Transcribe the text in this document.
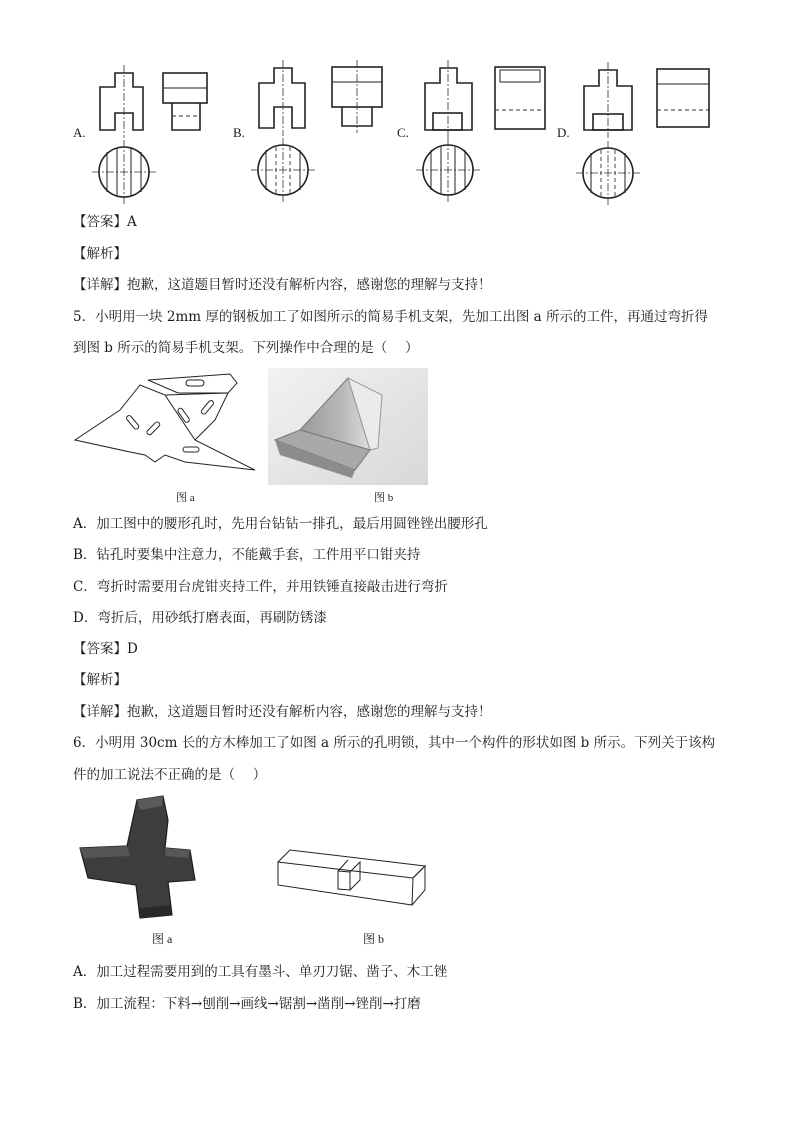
A.	B.	C.	D.
【答案】A
【解析】
【详解】抱歉，这道题目暂时还没有解析内容，感谢您的理解与支持！
5．小明用一块 2mm 厚的钢板加工了如图所示的简易手机支架，先加工出图 a 所示的工件，再通过弯折得
到图 b 所示的简易手机支架。下列操作中合理的是（　 ）
图 a	图 b
A．加工图中的腰形孔时，先用台钻钻一排孔，最后用圆锉锉出腰形孔
B．钻孔时要集中注意力，不能戴手套，工件用平口钳夹持
C．弯折时需要用台虎钳夹持工件，并用铁锤直接敲击进行弯折
D．弯折后，用砂纸打磨表面，再刷防锈漆
【答案】D
【解析】
【详解】抱歉，这道题目暂时还没有解析内容，感谢您的理解与支持！
6．小明用 30cm 长的方木棒加工了如图 a 所示的孔明锁，其中一个构件的形状如图 b 所示。下列关于该构
件的加工说法不正确的是（　 ）
图 a	图 b
A．加工过程需要用到的工具有墨斗、单刃刀锯、凿子、木工锉
B．加工流程：下料→刨削→画线→锯割→凿削→锉削→打磨
